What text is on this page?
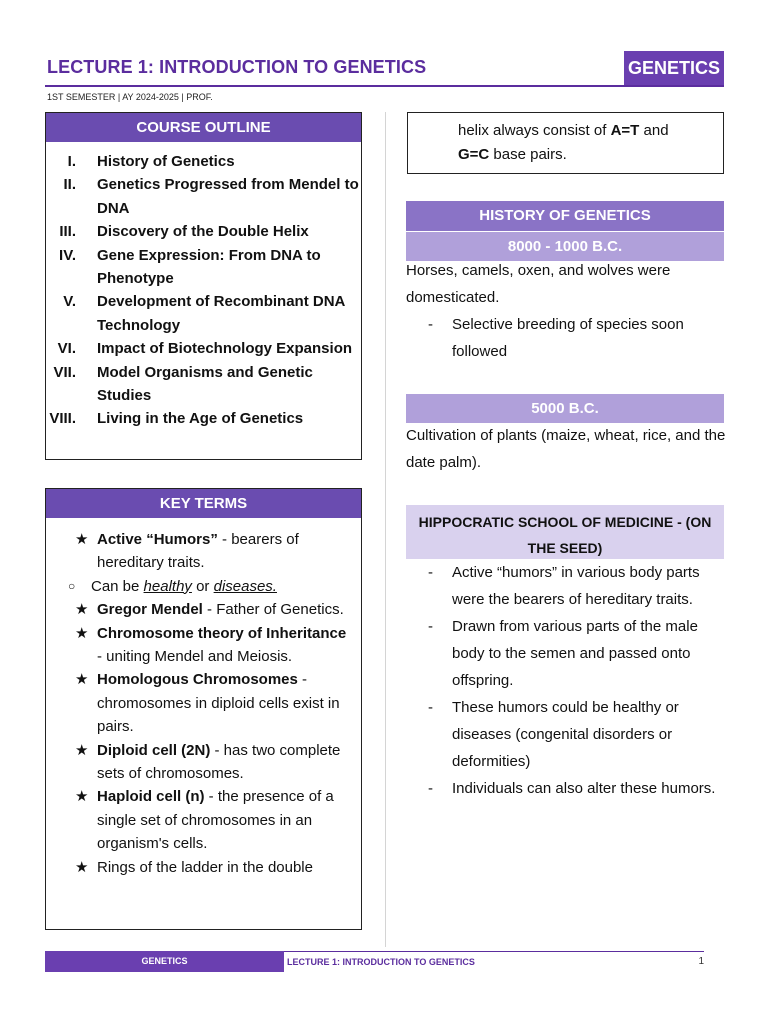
LECTURE 1: INTRODUCTION TO GENETICS	GENETICS
1ST SEMESTER | AY 2024-2025 | PROF.
COURSE OUTLINE
I. History of Genetics
II. Genetics Progressed from Mendel to DNA
III. Discovery of the Double Helix
IV. Gene Expression: From DNA to Phenotype
V. Development of Recombinant DNA Technology
VI. Impact of Biotechnology Expansion
VII. Model Organisms and Genetic Studies
VIII. Living in the Age of Genetics
KEY TERMS
★ Active “Humors” - bearers of hereditary traits.
○ Can be healthy or diseases.
★ Gregor Mendel - Father of Genetics.
★ Chromosome theory of Inheritance - uniting Mendel and Meiosis.
★ Homologous Chromosomes - chromosomes in diploid cells exist in pairs.
★ Diploid cell (2N) - has two complete sets of chromosomes.
★ Haploid cell (n) - the presence of a single set of chromosomes in an organism's cells.
★ Rings of the ladder in the double
helix always consist of A=T and
G=C base pairs.
HISTORY OF GENETICS
8000 - 1000 B.C.
Horses, camels, oxen, and wolves were domesticated.
- Selective breeding of species soon followed
5000 B.C.
Cultivation of plants (maize, wheat, rice, and the date palm).
HIPPOCRATIC SCHOOL OF MEDICINE - (ON THE SEED)
- Active “humors” in various body parts were the bearers of hereditary traits.
- Drawn from various parts of the male body to the semen and passed onto offspring.
- These humors could be healthy or diseases (congenital disorders or deformities)
- Individuals can also alter these humors.
GENETICS	LECTURE 1: INTRODUCTION TO GENETICS	1
